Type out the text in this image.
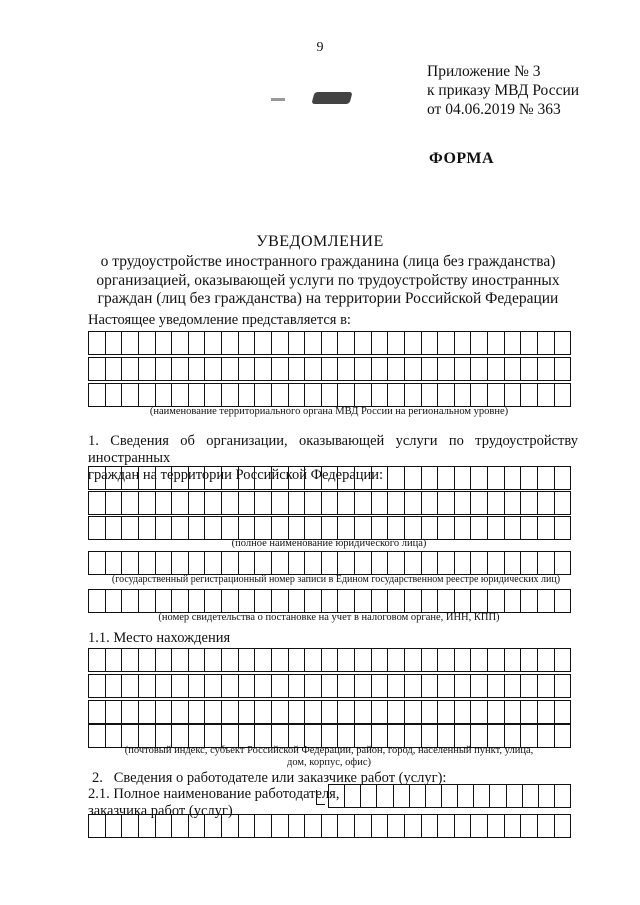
9
Приложение № 3
к приказу МВД России
от 04.06.2019 № 363
ФОРМА
УВЕДОМЛЕНИЕ
о трудоустройстве иностранного гражданина (лица без гражданства)
организацией, оказывающей услуги по трудоустройству иностранных
граждан (лиц без гражданства) на территории Российской Федерации
Настоящее уведомление представляется в:
(наименование территориального органа МВД России на региональном уровне)
1. Сведения об организации, оказывающей услуги по трудоустройству иностранных
граждан на территории Российской Федерации:
(полное наименование юридического лица)
(государственный регистрационный номер записи в Едином государственном реестре юридических лиц)
(номер свидетельства о постановке на учет в налоговом органе, ИНН, КПП)
1.1. Место нахождения
(почтовый индекс, субъект Российской Федерации, район, город, населенный пункт, улица,
дом, корпус, офис)
2.   Сведения о работодателе или заказчике работ (услуг):
2.1. Полное наименование работодателя,
заказчика работ (услуг)
